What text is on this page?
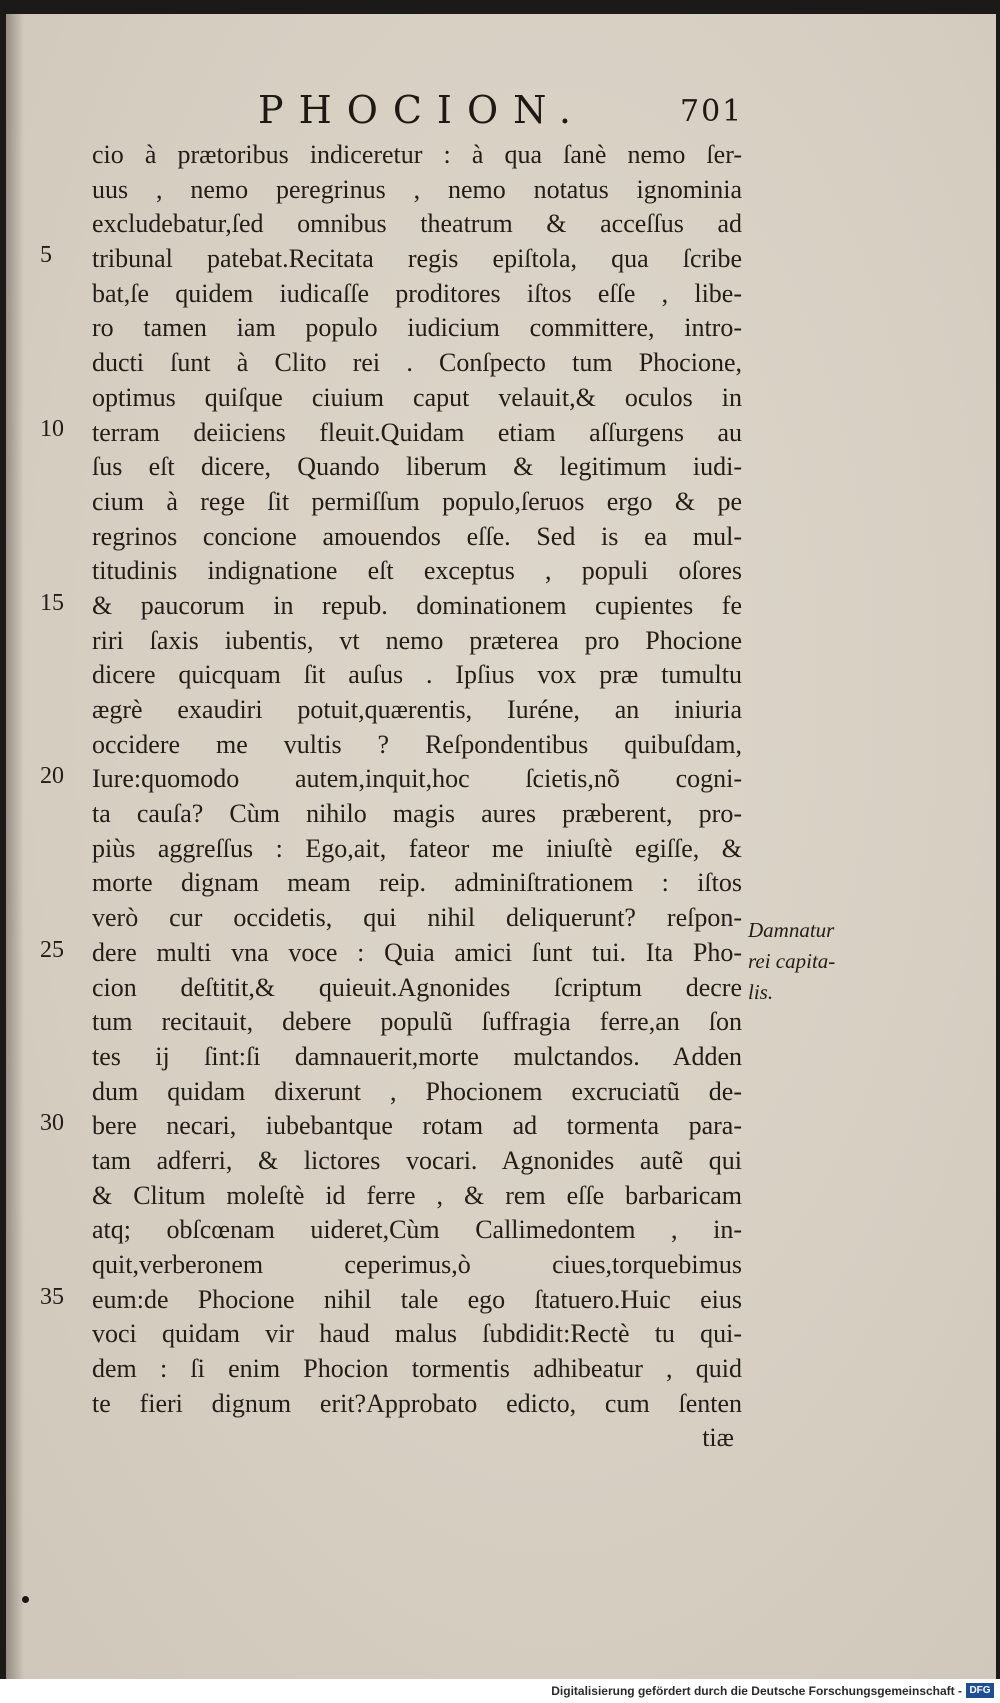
PHOCION.	701
5
10
15
20
25
30
35
cio à prætoribus indiceretur : à qua ſanè nemo ſer-
uus , nemo peregrinus , nemo notatus ignominia
excludebatur,ſed omnibus theatrum & acceſſus ad
tribunal patebat.Recitata regis epiſtola, qua ſcribe
bat,ſe quidem iudicaſſe proditores iſtos eſſe , libe-
ro tamen iam populo iudicium committere, intro-
ducti ſunt à Clito rei . Conſpecto tum Phocione,
optimus quiſque ciuium caput velauit,& oculos in
terram deiiciens fleuit.Quidam etiam aſſurgens au
ſus eſt dicere, Quando liberum & legitimum iudi-
cium à rege ſit permiſſum populo,ſeruos ergo & pe
regrinos concione amouendos eſſe. Sed is ea mul-
titudinis indignatione eſt exceptus , populi oſores
& paucorum in repub. dominationem cupientes fe
riri ſaxis iubentis, vt nemo præterea pro Phocione
dicere quicquam ſit auſus . Ipſius vox præ tumultu
ægrè exaudiri potuit,quærentis, Iuréne, an iniuria
occidere me vultis ? Reſpondentibus quibuſdam,
Iure:quomodo autem,inquit,hoc ſcietis,nõ cogni-
ta cauſa? Cùm nihilo magis aures præberent, pro-
piùs aggreſſus : Ego,ait, fateor me iniuſtè egiſſe, &
morte dignam meam reip. adminiſtrationem : iſtos
verò cur occidetis, qui nihil deliquerunt? reſpon-
dere multi vna voce : Quia amici ſunt tui. Ita Pho-
cion deſtitit,& quieuit.Agnonides ſcriptum decre
tum recitauit, debere populũ ſuffragia ferre,an ſon
tes ij ſint:ſi damnauerit,morte mulctandos. Adden
dum quidam dixerunt , Phocionem excruciatũ de-
bere necari, iubebantque rotam ad tormenta para-
tam adferri, & lictores vocari. Agnonides autẽ qui
& Clitum moleſtè id ferre , & rem eſſe barbaricam
atq; obſcœnam uideret,Cùm Callimedontem , in-
quit,verberonem ceperimus,ò ciues,torquebimus
eum:de Phocione nihil tale ego ſtatuero.Huic eius
voci quidam vir haud malus ſubdidit:Rectè tu qui-
dem : ſi enim Phocion tormentis adhibeatur , quid
te fieri dignum erit?Approbato edicto, cum ſenten
tiæ
Damnatur
rei capita-
lis.
Digitalisierung gefördert durch die Deutsche Forschungsgemeinschaft - DFG
